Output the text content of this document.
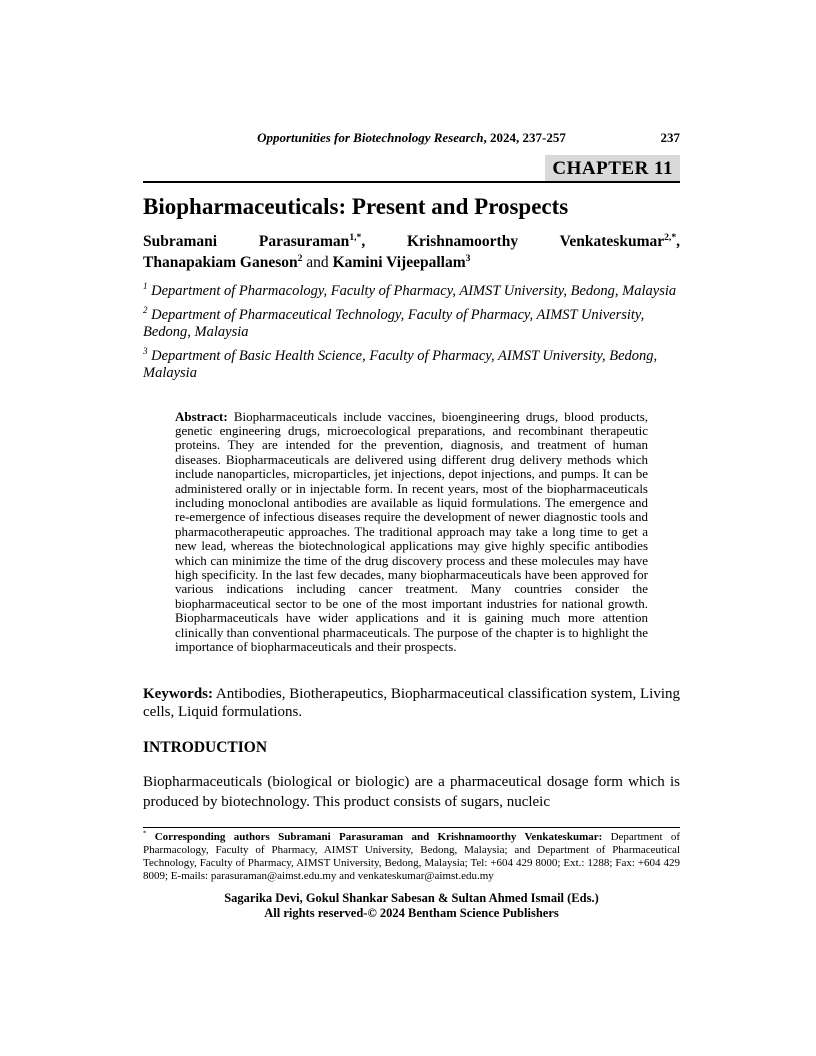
Opportunities for Biotechnology Research, 2024, 237-257	237
CHAPTER 11
Biopharmaceuticals: Present and Prospects
Subramani Parasuraman$^{1,*}$, Krishnamoorthy Venkateskumar$^{2,*}$,
Thanapakiam Ganeson$^2$ and Kamini Vijeepallam$^3$
$^1$ Department of Pharmacology, Faculty of Pharmacy, AIMST University, Bedong, Malaysia
$^2$ Department of Pharmaceutical Technology, Faculty of Pharmacy, AIMST University, Bedong, Malaysia
$^3$ Department of Basic Health Science, Faculty of Pharmacy, AIMST University, Bedong, Malaysia
Abstract: Biopharmaceuticals include vaccines, bioengineering drugs, blood products, genetic engineering drugs, microecological preparations, and recombinant therapeutic proteins. They are intended for the prevention, diagnosis, and treatment of human diseases. Biopharmaceuticals are delivered using different drug delivery methods which include nanoparticles, microparticles, jet injections, depot injections, and pumps. It can be administered orally or in injectable form. In recent years, most of the biopharmaceuticals including monoclonal antibodies are available as liquid formulations. The emergence and re-emergence of infectious diseases require the development of newer diagnostic tools and pharmacotherapeutic approaches. The traditional approach may take a long time to get a new lead, whereas the biotechnological applications may give highly specific antibodies which can minimize the time of the drug discovery process and these molecules may have high specificity. In the last few decades, many biopharmaceuticals have been approved for various indications including cancer treatment. Many countries consider the biopharmaceutical sector to be one of the most important industries for national growth. Biopharmaceuticals have wider applications and it is gaining much more attention clinically than conventional pharmaceuticals. The purpose of the chapter is to highlight the importance of biopharmaceuticals and their prospects.
Keywords: Antibodies, Biotherapeutics, Biopharmaceutical classification system, Living cells, Liquid formulations.
INTRODUCTION
Biopharmaceuticals (biological or biologic) are a pharmaceutical dosage form which is produced by biotechnology. This product consists of sugars, nucleic
* Corresponding authors Subramani Parasuraman and Krishnamoorthy Venkateskumar: Department of Pharmacology, Faculty of Pharmacy, AIMST University, Bedong, Malaysia; and Department of Pharmaceutical Technology, Faculty of Pharmacy, AIMST University, Bedong, Malaysia; Tel: +604 429 8000; Ext.: 1288; Fax: +604 429 8009; E-mails: parasuraman@aimst.edu.my and venkateskumar@aimst.edu.my
Sagarika Devi, Gokul Shankar Sabesan & Sultan Ahmed Ismail (Eds.)
All rights reserved-© 2024 Bentham Science Publishers
